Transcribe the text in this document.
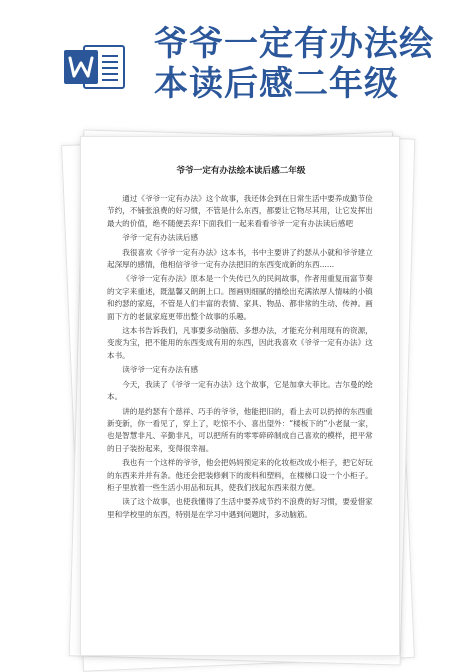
爷爷一定有办法绘
本读后感二年级
爷爷一定有办法绘本读后感二年级

通过《爷爷一定有办法》这个故事，我还体会到在日常生活中要养成勤节俭节约，不铺张浪费的好习惯，不管是什么东西，都要让它物尽其用，让它发挥出最大的价值，绝不随便丢弃!下面我们一起来看看爷爷一定有办法读后感吧

爷爷一定有办法读后感

我很喜欢《爷爷一定有办法》这本书，书中主要讲了约瑟从小就和爷爷建立起深厚的感情，他相信爷爷一定有办法把旧的东西变成新的东西......

《爷爷一定有办法》原本是一个失传已久的民间故事，作者用重复而富节奏的文字来重述，既温馨又朗朗上口。图画则细腻的描绘出充满浓厚人情味的小镇和约瑟的家庭，不管是人们丰富的表情、家具、物品、都非常的生动、传神。画面下方的老鼠家庭更带出整个故事的乐趣。

这本书告诉我们，凡事要多动脑筋、多想办法，才能充分利用现有的资源，变废为宝，把不能用的东西变成有用的东西，因此我喜欢《爷爷一定有办法》这本书。

读爷爷一定有办法有感

今天，我读了《爷爷一定有办法》这个故事，它是加拿大菲比。吉尔曼的绘本。

讲的是约瑟有个慈祥、巧手的爷爷，他能把旧的，看上去可以扔掉的东西重新变新，你一看见了，穿上了，吃惊不小、喜出望外：“楼板下的”小老鼠一家，也是智慧非凡、辛勤非凡，可以把所有的零零碎碎制成自己喜欢的模样，把平常的日子装扮起来，变得很幸福。

我也有一个这样的爷爷，他会把妈妈预定来的化妆柜改成小柜子，把它好玩的东西来并并有条。他还会把装修剩下的废料和塑料，在楼梯口设一个小柜子。柜子里放着一些生活小用品和玩具，使我们找起东西来很方便。

读了这个故事，也使我懂得了生活中要养成节约不浪费的好习惯，要爱惜家里和学校里的东西，特别是在学习中遇到问题时，多动脑筋。
